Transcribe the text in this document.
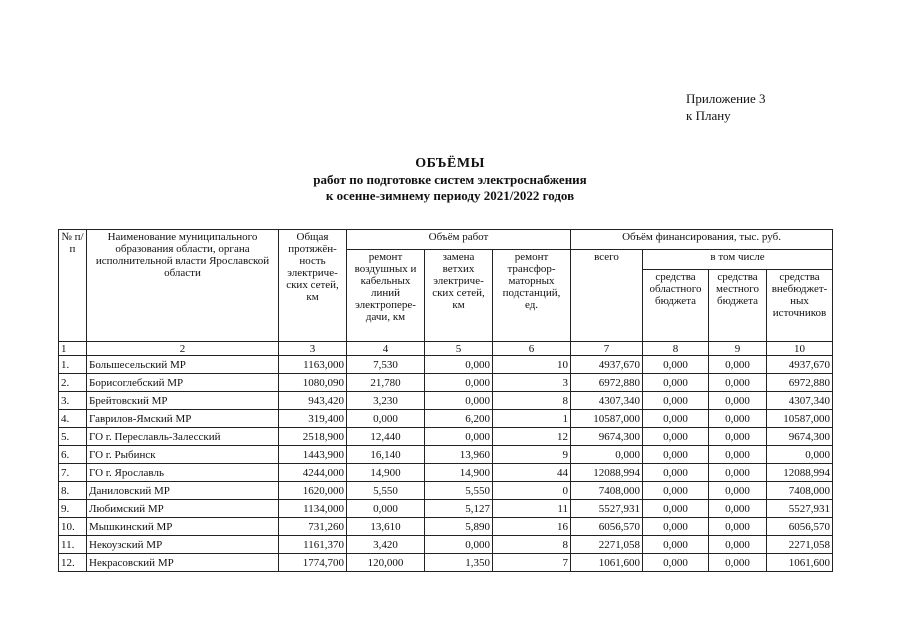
Приложение 3
к Плану
ОБЪЁМЫ
работ по подготовке систем электроснабжения
к осенне-зимнему периоду 2021/2022 годов
№ п/п	Наименование муниципального образования области, органа исполнительной власти Ярославской области	Общая протяжён-ность электриче-ских сетей, км	Объём работ			Объём финансирования, тыс. руб.			
			ремонт воздушных и кабельных линий электропере-дачи, км	замена ветхих электриче-ских сетей, км	ремонт трансфор-маторных подстанций, ед.	всего	в том числе		
							средства областного бюджета	средства местного бюджета	средства внебюджет-ных источников
1	2	3	4	5	6	7	8	9	10
1.	Большесельский МР	1163,000	7,530	0,000	10	4937,670	0,000	0,000	4937,670
2.	Борисоглебский МР	1080,090	21,780	0,000	3	6972,880	0,000	0,000	6972,880
3.	Брейтовский МР	943,420	3,230	0,000	8	4307,340	0,000	0,000	4307,340
4.	Гаврилов-Ямский МР	319,400	0,000	6,200	1	10587,000	0,000	0,000	10587,000
5.	ГО г. Переславль-Залесский	2518,900	12,440	0,000	12	9674,300	0,000	0,000	9674,300
6.	ГО г. Рыбинск	1443,900	16,140	13,960	9	0,000	0,000	0,000	0,000
7.	ГО г. Ярославль	4244,000	14,900	14,900	44	12088,994	0,000	0,000	12088,994
8.	Даниловский МР	1620,000	5,550	5,550	0	7408,000	0,000	0,000	7408,000
9.	Любимский МР	1134,000	0,000	5,127	11	5527,931	0,000	0,000	5527,931
10.	Мышкинский МР	731,260	13,610	5,890	16	6056,570	0,000	0,000	6056,570
11.	Некоузский МР	1161,370	3,420	0,000	8	2271,058	0,000	0,000	2271,058
12.	Некрасовский МР	1774,700	120,000	1,350	7	1061,600	0,000	0,000	1061,600
